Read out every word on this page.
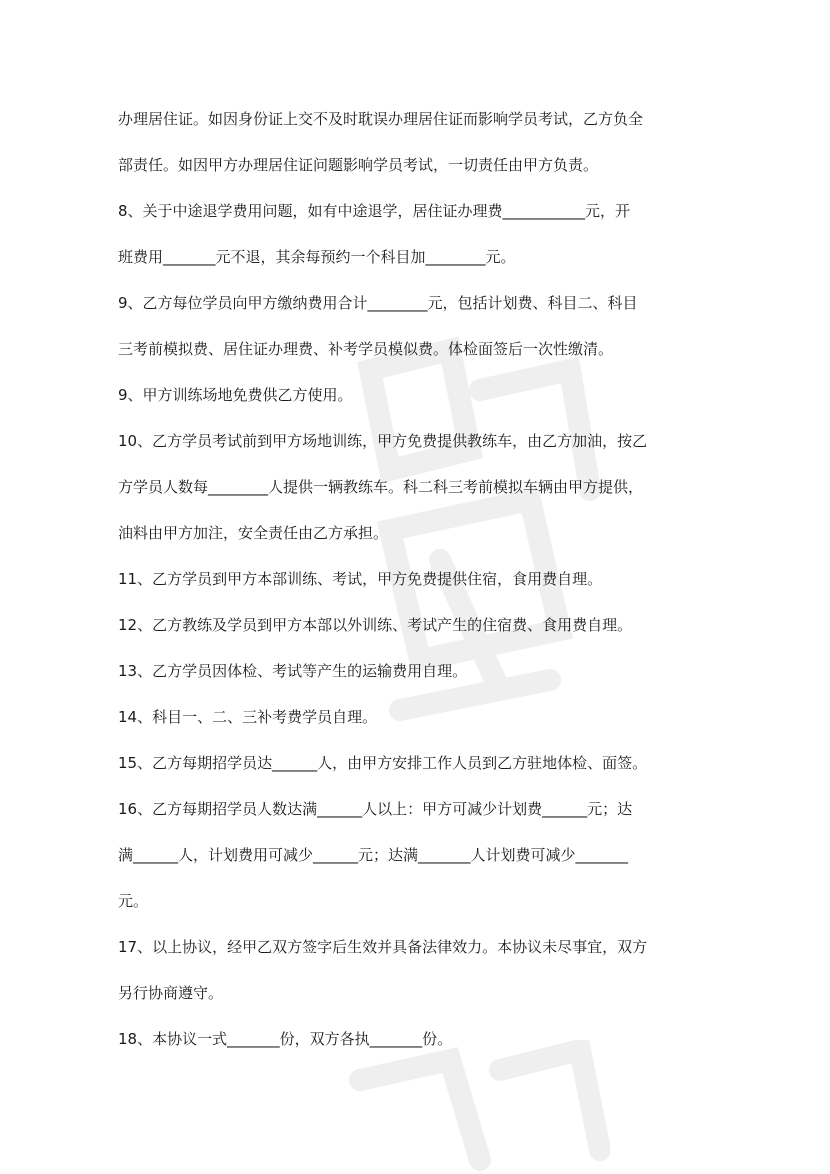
办理居住证。如因身份证上交不及时耽误办理居住证而影响学员考试，乙方负全

部责任。如因甲方办理居住证问题影响学员考试，一切责任由甲方负责。

8、关于中途退学费用问题，如有中途退学，居住证办理费___________元，开

班费用_______元不退，其余每预约一个科目加________元。

9、乙方每位学员向甲方缴纳费用合计________元，包括计划费、科目二、科目

三考前模拟费、居住证办理费、补考学员模似费。体检面签后一次性缴清。

9、甲方训练场地免费供乙方使用。

10、乙方学员考试前到甲方场地训练，甲方免费提供教练车，由乙方加油，按乙

方学员人数每________人提供一辆教练车。科二科三考前模拟车辆由甲方提供，

油料由甲方加注，安全责任由乙方承担。

11、乙方学员到甲方本部训练、考试，甲方免费提供住宿，食用费自理。

12、乙方教练及学员到甲方本部以外训练、考试产生的住宿费、食用费自理。

13、乙方学员因体检、考试等产生的运输费用自理。

14、科目一、二、三补考费学员自理。

15、乙方每期招学员达______人，由甲方安排工作人员到乙方驻地体检、面签。

16、乙方每期招学员人数达满______人以上：甲方可减少计划费______元；达

满______人，计划费用可减少______元；达满_______人计划费可减少_______

元。

17、以上协议，经甲乙双方签字后生效并具备法律效力。本协议未尽事宜，双方

另行协商遵守。

18、本协议一式_______份，双方各执_______份。
